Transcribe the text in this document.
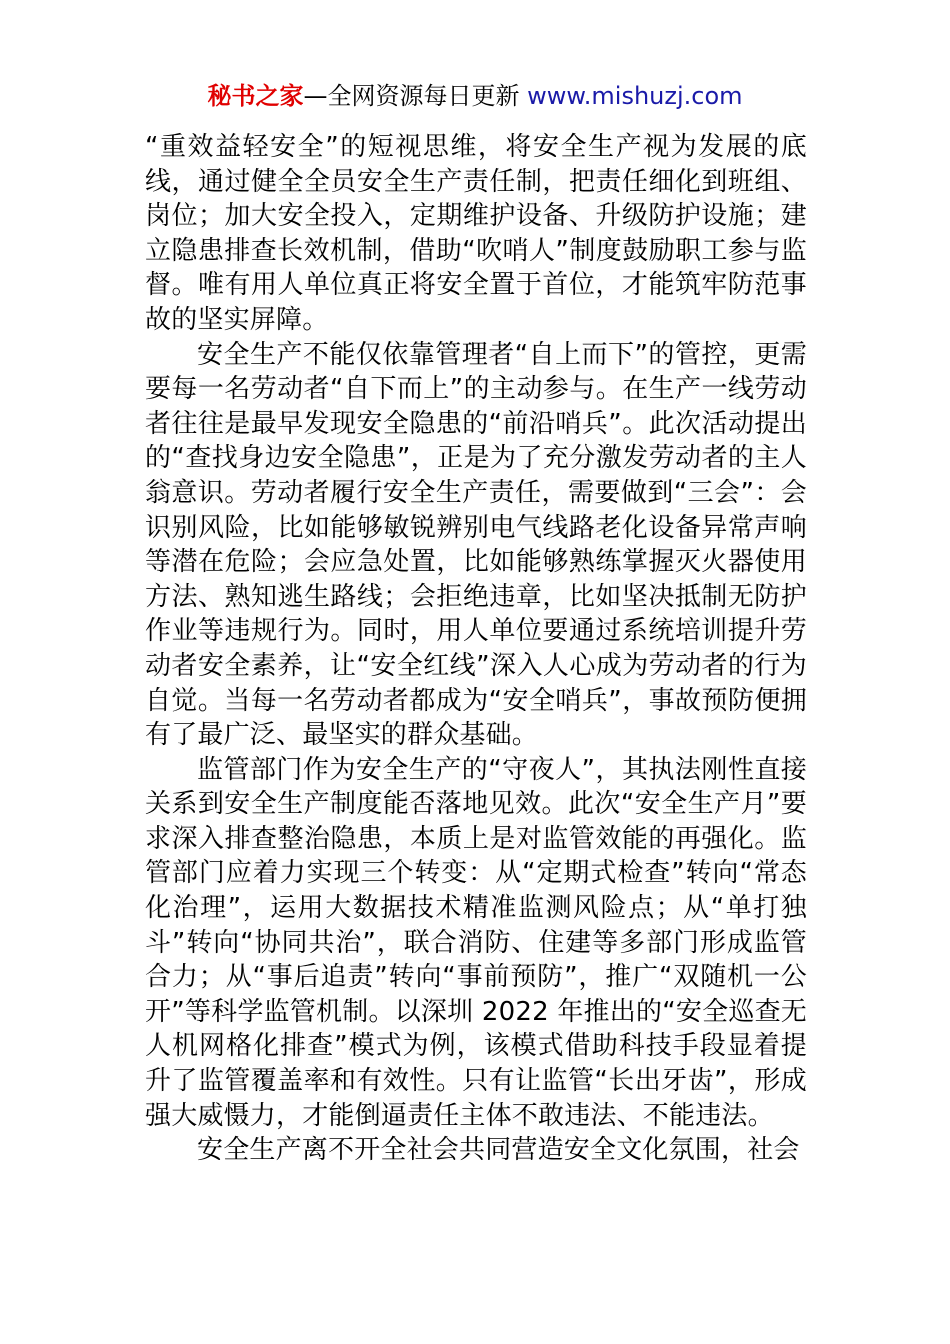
秘书之家—全网资源每日更新 www.mishuzj.com

“重效益轻安全”的短视思维，将安全生产视为发展的底线，通过健全全员安全生产责任制，把责任细化到班组、岗位；加大安全投入，定期维护设备、升级防护设施；建立隐患排查长效机制，借助“吹哨人”制度鼓励职工参与监督。唯有用人单位真正将安全置于首位，才能筑牢防范事故的坚实屏障。

安全生产不能仅依靠管理者“自上而下”的管控，更需要每一名劳动者“自下而上”的主动参与。在生产一线劳动者往往是最早发现安全隐患的“前沿哨兵”。此次活动提出的“查找身边安全隐患”，正是为了充分激发劳动者的主人翁意识。劳动者履行安全生产责任，需要做到“三会”：会识别风险，比如能够敏锐辨别电气线路老化设备异常声响等潜在危险；会应急处置，比如能够熟练掌握灭火器使用方法、熟知逃生路线；会拒绝违章，比如坚决抵制无防护作业等违规行为。同时，用人单位要通过系统培训提升劳动者安全素养，让“安全红线”深入人心成为劳动者的行为自觉。当每一名劳动者都成为“安全哨兵”，事故预防便拥有了最广泛、最坚实的群众基础。

监管部门作为安全生产的“守夜人”，其执法刚性直接关系到安全生产制度能否落地见效。此次“安全生产月”要求深入排查整治隐患，本质上是对监管效能的再强化。监管部门应着力实现三个转变：从“定期式检查”转向“常态化治理”，运用大数据技术精准监测风险点；从“单打独斗”转向“协同共治”，联合消防、住建等多部门形成监管合力；从“事后追责”转向“事前预防”，推广“双随机一公开”等科学监管机制。以深圳 2022 年推出的“安全巡查无人机网格化排查”模式为例，该模式借助科技手段显着提升了监管覆盖率和有效性。只有让监管“长出牙齿”，形成强大威慑力，才能倒逼责任主体不敢违法、不能违法。

安全生产离不开全社会共同营造安全文化氛围，社会
